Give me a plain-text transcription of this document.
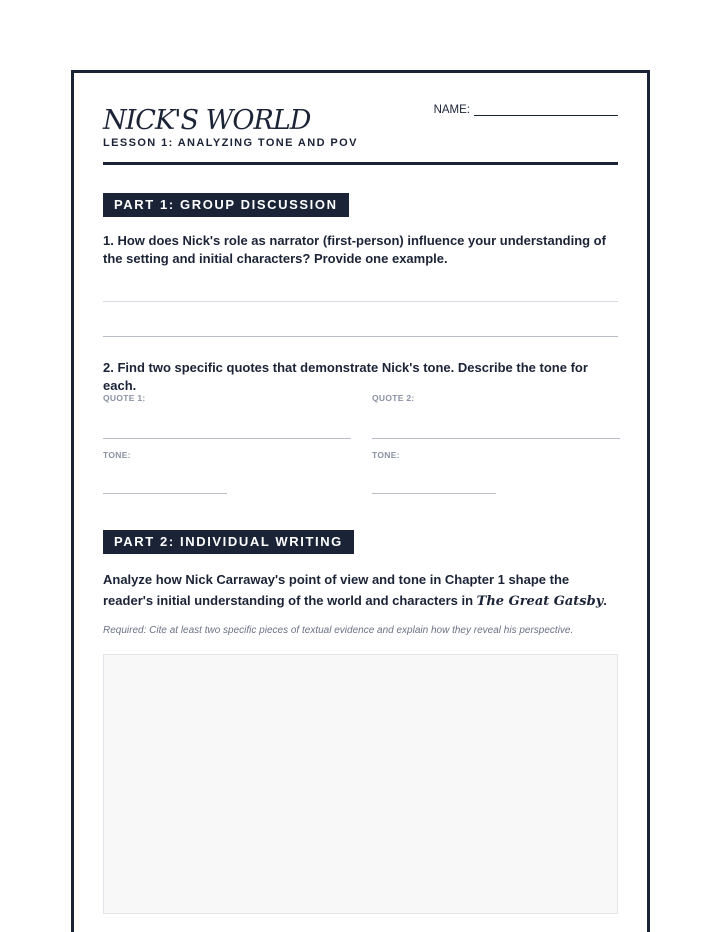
NICK'S WORLD
LESSON 1: ANALYZING TONE AND POV
NAME:
PART 1: GROUP DISCUSSION
1. How does Nick's role as narrator (first-person) influence your understanding of the setting and initial characters? Provide one example.
2. Find two specific quotes that demonstrate Nick's tone. Describe the tone for each.
QUOTE 1:	QUOTE 2:
TONE:	TONE:
PART 2: INDIVIDUAL WRITING
Analyze how Nick Carraway's point of view and tone in Chapter 1 shape the reader's initial understanding of the world and characters in The Great Gatsby.
Required: Cite at least two specific pieces of textual evidence and explain how they reveal his perspective.
